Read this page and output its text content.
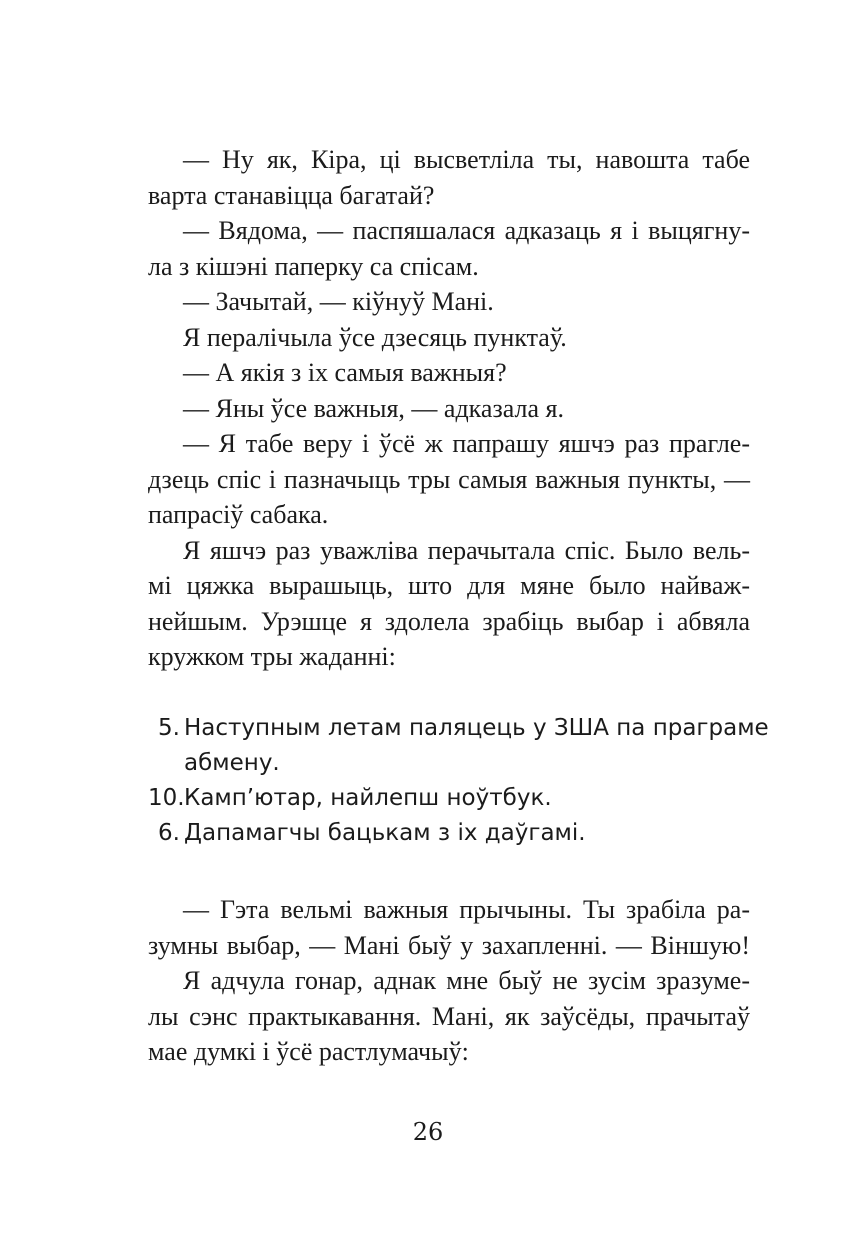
— Ну як, Кіра, ці высветліла ты, навошта табе
варта станавіцца багатай?
— Вядома, — паспяшалася адказаць я і выцягну-
ла з кішэні паперку са спісам.
— Зачытай, — кіўнуў Мані.
Я пералічыла ўсе дзесяць пунктаў.
— А якія з іх самыя важныя?
— Яны ўсе важныя, — адказала я.
— Я табе веру і ўсё ж папрашу яшчэ раз прагле-
дзець спіс і пазначыць тры самыя важныя пункты, —
папрасіў сабака.
Я яшчэ раз уважліва перачытала спіс. Было вель-
мі цяжка вырашыць, што для мяне было найваж-
нейшым. Урэшце я здолела зрабіць выбар і абвяла
кружком тры жаданні:
5. Наступным летам паляцець у ЗША па праграме
абмену.
10. Камп’ютар, найлепш ноўтбук.
6. Дапамагчы бацькам з іх даўгамі.
— Гэта вельмі важныя прычыны. Ты зрабіла ра-
зумны выбар, — Мані быў у захапленні. — Віншую!
Я адчула гонар, аднак мне быў не зусім зразуме-
лы сэнс практыкавання. Мані, як заўсёды, прачытаў
мае думкі і ўсё растлумачыў:
26
